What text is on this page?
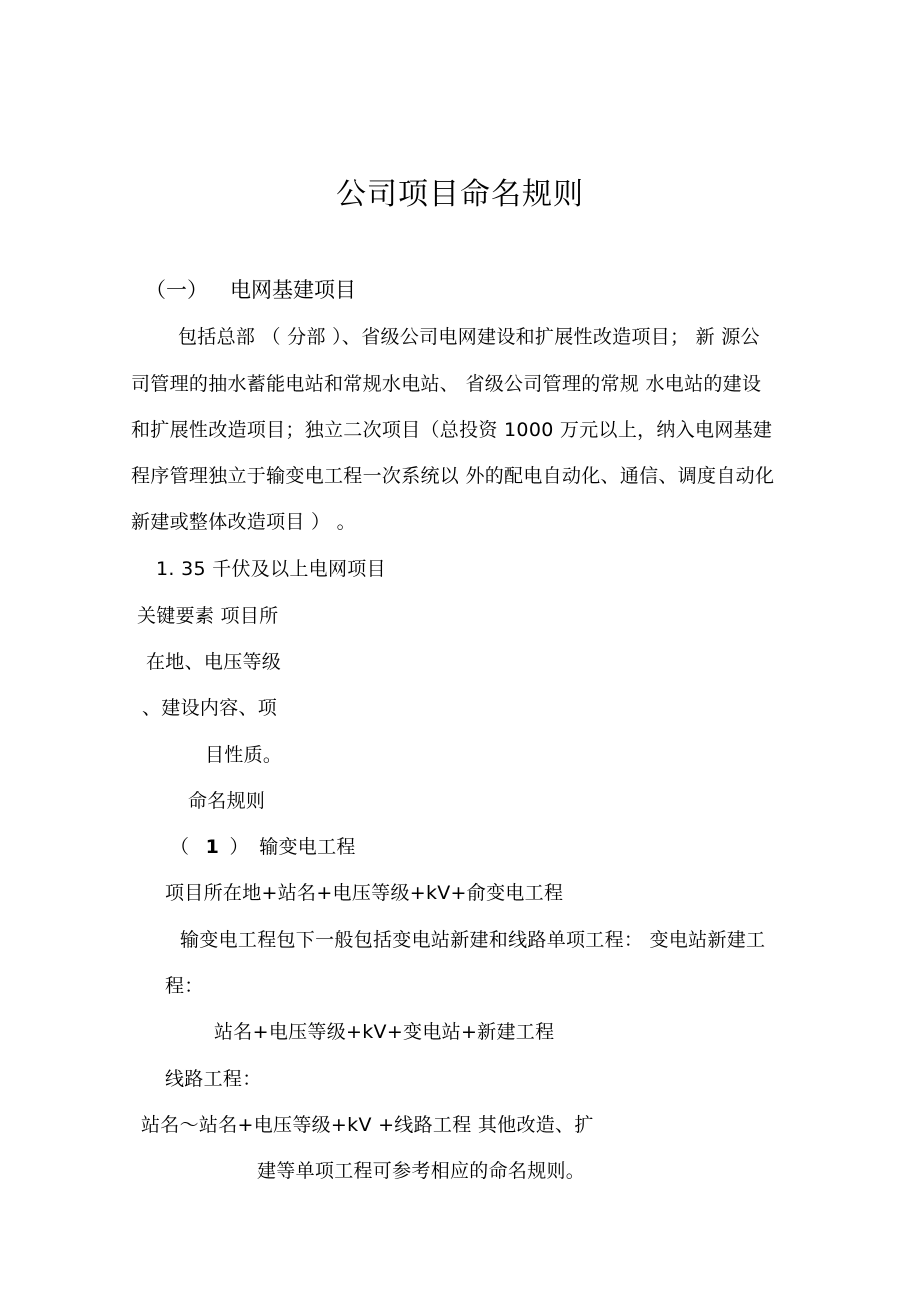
公司项目命名规则
（一） 电网基建项目
包括总部 （ 分部 ）、省级公司电网建设和扩展性改造项目； 新 源公
司管理的抽水蓄能电站和常规水电站、 省级公司管理的常规 水电站的建设
和扩展性改造项目；独立二次项目（总投资 1000 万元以上，纳入电网基建
程序管理独立于输变电工程一次系统以 外的配电自动化、通信、调度自动化
新建或整体改造项目 ） 。
1. 35 千伏及以上电网项目
关键要素 项目所
在地、电压等级
、建设内容、项
目性质。
命名规则
（ 1 ） 输变电工程
项目所在地+站名+电压等级+kV+俞变电工程
输变电工程包下一般包括变电站新建和线路单项工程： 变电站新建工
程：
站名+电压等级+kV+变电站+新建工程
线路工程：
站名〜站名+电压等级+kV +线路工程 其他改造、扩
建等单项工程可参考相应的命名规则。
